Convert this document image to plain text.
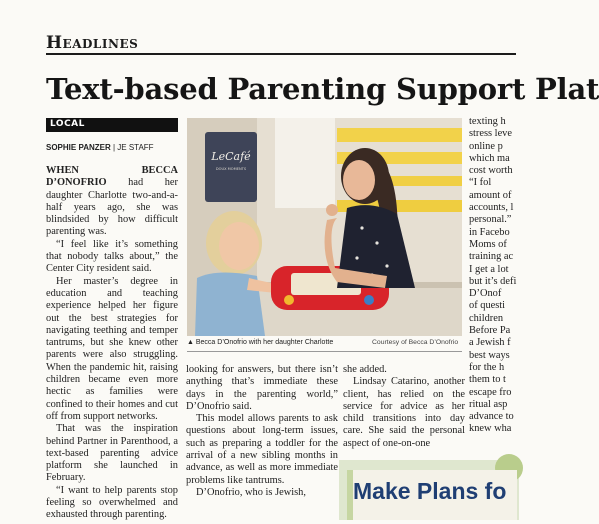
Headlines
Text-based Parenting Support Plat
LOCAL
SOPHIE PANZER | JE STAFF

WHEN BECCA D’ONOFRIO had her daughter Charlotte two-and-a-half years ago, she was blindsided by how difficult parenting was.

“I feel like it’s something that nobody talks about,” the Center City resident said.

Her master’s degree in education and teaching experience helped her figure out the best strategies for navigating teething and temper tantrums, but she knew other parents were also struggling. When the pandemic hit, raising children became even more hectic as families were confined to their homes and cut off from support networks.

That was the inspiration behind Partner in Parenthood, a text-based parenting advice platform she launched in February.

“I want to help parents stop feeling so overwhelmed and exhausted through parenting.

LeCafé
DOUX MOMENTS
▲ Becca D’Onofrio with her daughter Charlotte	Courtesy of Becca D’Onofrio

looking for answers, but there isn’t anything that’s immediate these days in the parenting world,” D’Onofrio said.

This model allows parents to ask questions about long-term issues, such as preparing a toddler for the arrival of a new sibling months in advance, as well as more immediate problems like tantrums.

D’Onofrio, who is Jewish,

she added.

Lindsay Catarino, another client, has relied on the service for advice as her child transitions into day care. She said the personal aspect of one-on-one

texting h
stress leve
online p
which ma
cost worth
“I fol
amount of
accounts, l
personal.”
in Facebo
Moms of
training ac
I get a lot
but it’s defi
D’Onof
of questi
children
Before Pa
a Jewish f
best ways
for the h
them to t
escape fro
ritual asp
advance to
knew wha
Make Plans fo
